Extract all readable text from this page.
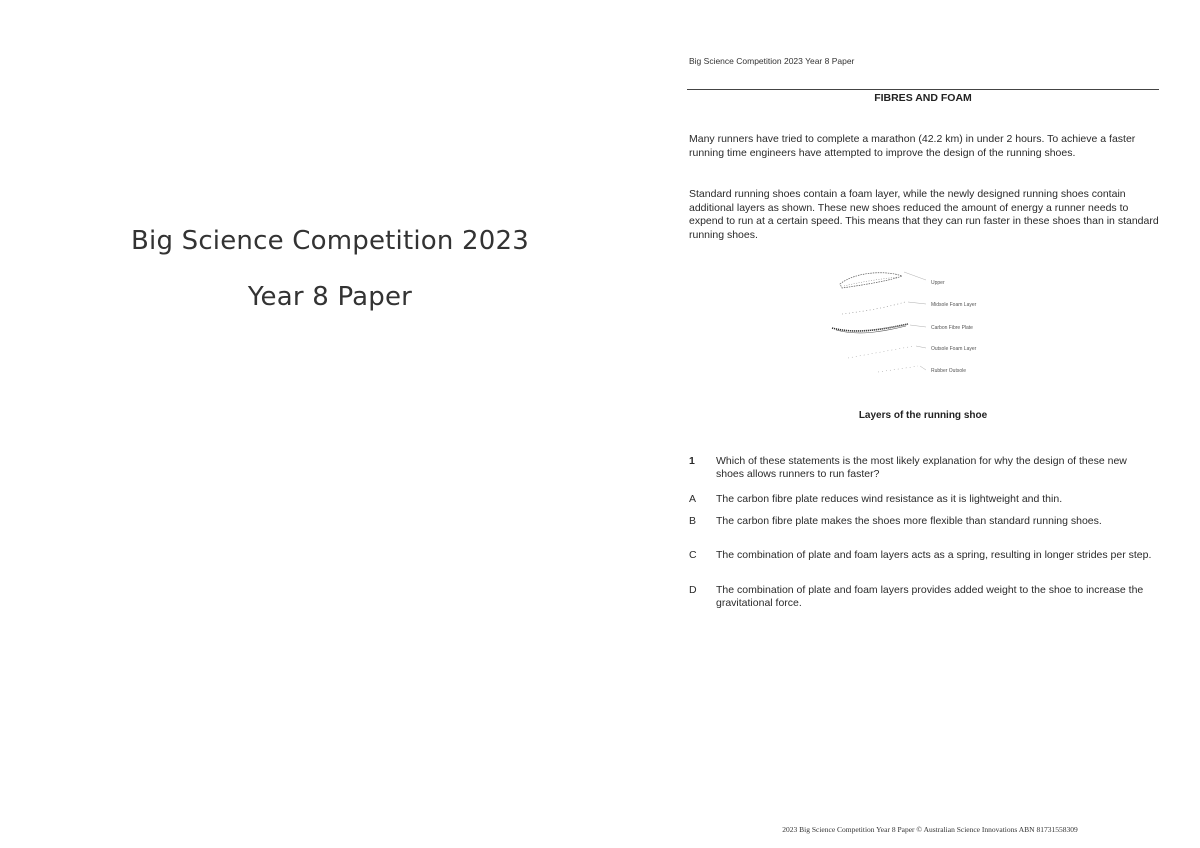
Big Science Competition 2023
Year 8 Paper
Big Science Competition 2023 Year 8 Paper
FIBRES AND FOAM

Many runners have tried to complete a marathon (42.2 km) in under 2 hours. To achieve a faster running time engineers have attempted to improve the design of the running shoes.

Standard running shoes contain a foam layer, while the newly designed running shoes contain additional layers as shown. These new shoes reduced the amount of energy a runner needs to expend to run at a certain speed. This means that they can run faster in these shoes than in standard running shoes.

Upper
Midsole Foam Layer
Carbon Fibre Plate
Outsole Foam Layer
Rubber Outsole
Layers of the running shoe
1	Which of these statements is the most likely explanation for why the design of these new shoes allows runners to run faster?
A	The carbon fibre plate reduces wind resistance as it is lightweight and thin.
B	The carbon fibre plate makes the shoes more flexible than standard running shoes.
C	The combination of plate and foam layers acts as a spring, resulting in longer strides per step.
D	The combination of plate and foam layers provides added weight to the shoe to increase the gravitational force.
2023 Big Science Competition Year 8 Paper © Australian Science Innovations ABN 81731558309
